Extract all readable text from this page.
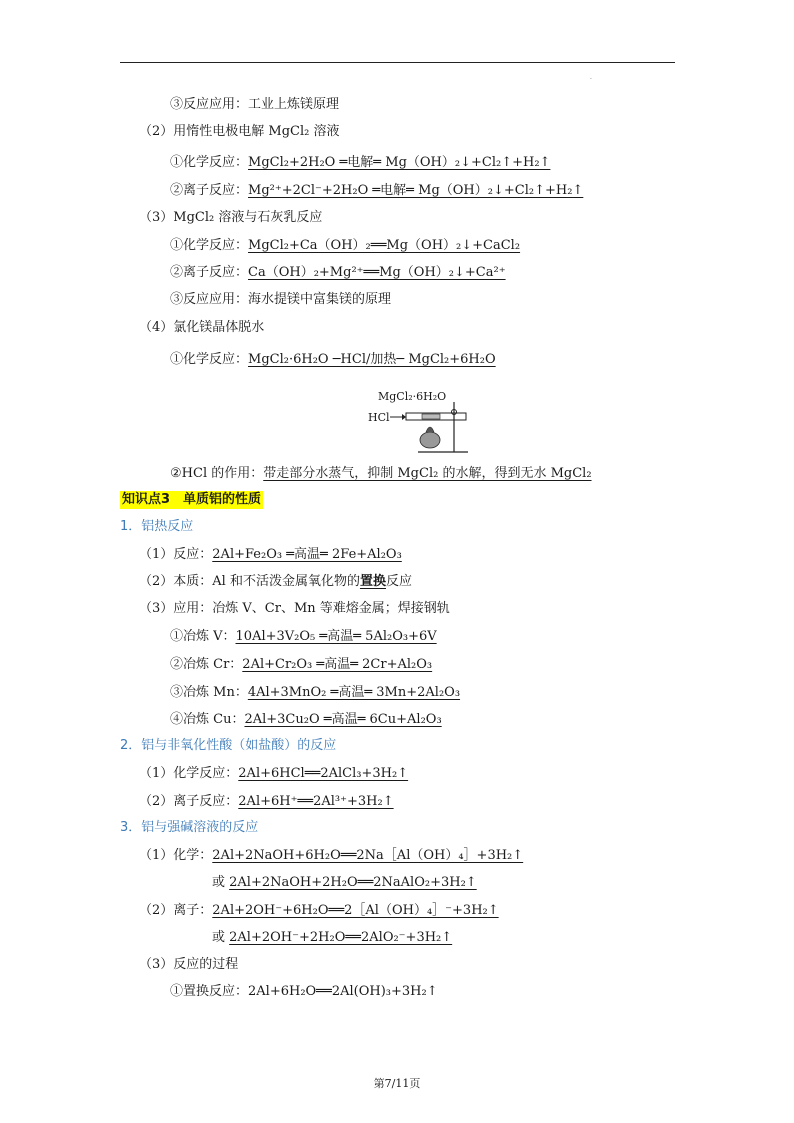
.
③反应应用：工业上炼镁原理
（2）用惰性电极电解 MgCl₂ 溶液
①化学反应：MgCl₂+2H₂O ═电解═ Mg（OH）₂↓+Cl₂↑+H₂↑
②离子反应：Mg²⁺+2Cl⁻+2H₂O ═电解═ Mg（OH）₂↓+Cl₂↑+H₂↑
（3）MgCl₂ 溶液与石灰乳反应
①化学反应：MgCl₂+Ca（OH）₂══Mg（OH）₂↓+CaCl₂
②离子反应：Ca（OH）₂+Mg²⁺══Mg（OH）₂↓+Ca²⁺
③反应应用：海水提镁中富集镁的原理
（4）氯化镁晶体脱水
①化学反应：MgCl₂·6H₂O ─HCl/加热─ MgCl₂+6H₂O
MgCl₂·6H₂O
HCl
②HCl 的作用：带走部分水蒸气，抑制 MgCl₂ 的水解，得到无水 MgCl₂
知识点3　单质铝的性质
1．铝热反应
（1）反应：2Al+Fe₂O₃ ═高温═ 2Fe+Al₂O₃
（2）本质：Al 和不活泼金属氧化物的置换反应
（3）应用：冶炼 V、Cr、Mn 等难熔金属；焊接钢轨
①冶炼 V：10Al+3V₂O₅ ═高温═ 5Al₂O₃+6V
②冶炼 Cr：2Al+Cr₂O₃ ═高温═ 2Cr+Al₂O₃
③冶炼 Mn：4Al+3MnO₂ ═高温═ 3Mn+2Al₂O₃
④冶炼 Cu：2Al+3Cu₂O ═高温═ 6Cu+Al₂O₃
2．铝与非氧化性酸（如盐酸）的反应
（1）化学反应：2Al+6HCl══2AlCl₃+3H₂↑
（2）离子反应：2Al+6H⁺══2Al³⁺+3H₂↑
3．铝与强碱溶液的反应
（1）化学：2Al+2NaOH+6H₂O══2Na［Al（OH）₄］+3H₂↑
或 2Al+2NaOH+2H₂O══2NaAlO₂+3H₂↑
（2）离子：2Al+2OH⁻+6H₂O══2［Al（OH）₄］⁻+3H₂↑
或 2Al+2OH⁻+2H₂O══2AlO₂⁻+3H₂↑
（3）反应的过程
①置换反应：2Al+6H₂O══2Al(OH)₃+3H₂↑
第7/11页
